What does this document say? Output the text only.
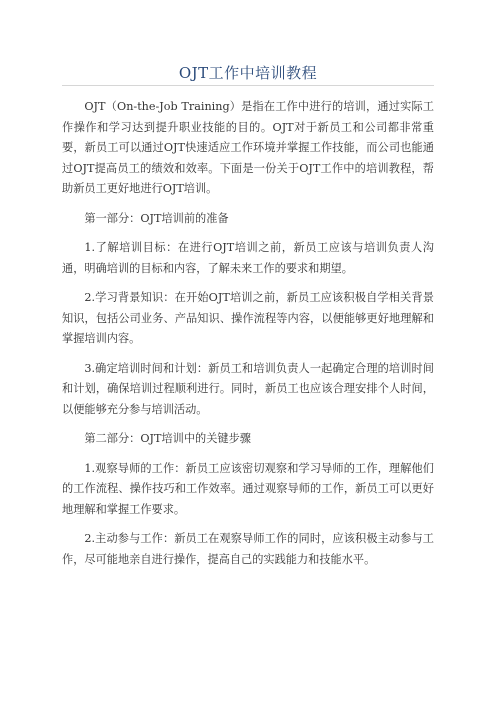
OJT工作中培训教程

OJT（On-the-Job Training）是指在工作中进行的培训，通过实际工作操作和学习达到提升职业技能的目的。OJT对于新员工和公司都非常重要，新员工可以通过OJT快速适应工作环境并掌握工作技能，而公司也能通过OJT提高员工的绩效和效率。下面是一份关于OJT工作中的培训教程，帮助新员工更好地进行OJT培训。

第一部分：OJT培训前的准备

1.了解培训目标：在进行OJT培训之前，新员工应该与培训负责人沟通，明确培训的目标和内容，了解未来工作的要求和期望。

2.学习背景知识：在开始OJT培训之前，新员工应该积极自学相关背景知识，包括公司业务、产品知识、操作流程等内容，以便能够更好地理解和掌握培训内容。

3.确定培训时间和计划：新员工和培训负责人一起确定合理的培训时间和计划，确保培训过程顺利进行。同时，新员工也应该合理安排个人时间，以便能够充分参与培训活动。

第二部分：OJT培训中的关键步骤

1.观察导师的工作：新员工应该密切观察和学习导师的工作，理解他们的工作流程、操作技巧和工作效率。通过观察导师的工作，新员工可以更好地理解和掌握工作要求。

2.主动参与工作：新员工在观察导师工作的同时，应该积极主动参与工作，尽可能地亲自进行操作，提高自己的实践能力和技能水平。
